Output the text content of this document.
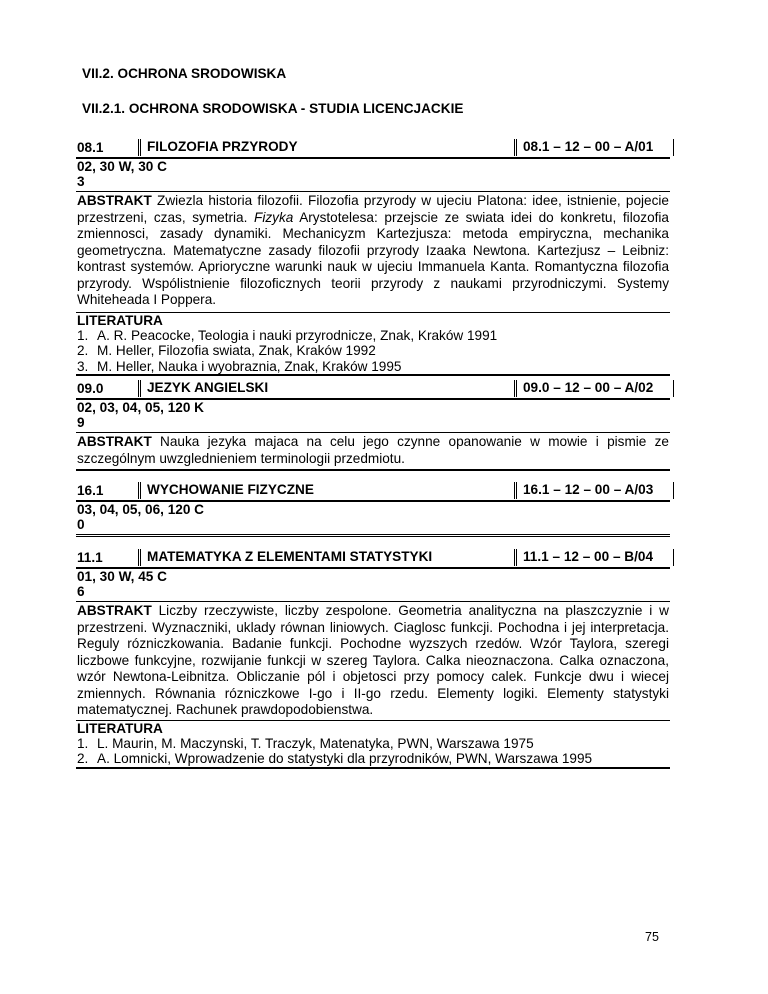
VII.2. OCHRONA SRODOWISKA
VII.2.1. OCHRONA SRODOWISKA - STUDIA LICENCJACKIE
08.1	FILOZOFIA PRZYRODY	08.1 – 12 – 00 – A/01
02, 30 W, 30 C
3
ABSTRAKT Zwiezla historia filozofii. Filozofia przyrody w ujeciu Platona: idee, istnienie, pojecie przestrzeni, czas, symetria. Fizyka Arystotelesa: przejscie ze swiata idei do konkretu, filozofia zmiennosci, zasady dynamiki. Mechanicyzm Kartezjusza: metoda empiryczna, mechanika geometryczna. Matematyczne zasady filozofii przyrody Izaaka Newtona. Kartezjusz – Leibniz: kontrast systemów. Aprioryczne warunki nauk w ujeciu Immanuela Kanta. Romantyczna filozofia przyrody. Wspólistnienie filozoficznych teorii przyrody z naukami przyrodniczymi. Systemy Whiteheada I Poppera.
LITERATURA
1. A. R. Peacocke, Teologia i nauki przyrodnicze, Znak, Kraków 1991
2. M. Heller, Filozofia swiata, Znak, Kraków 1992
3. M. Heller, Nauka i wyobraznia, Znak, Kraków 1995
09.0	JEZYK ANGIELSKI	09.0 – 12 – 00 – A/02
02, 03, 04, 05, 120 K
9
ABSTRAKT Nauka jezyka majaca na celu jego czynne opanowanie w mowie i pismie ze szczególnym uwzglednieniem terminologii przedmiotu.
16.1	WYCHOWANIE FIZYCZNE	16.1 – 12 – 00 – A/03
03, 04, 05, 06, 120 C
0
11.1	MATEMATYKA Z ELEMENTAMI STATYSTYKI	11.1 – 12 – 00 – B/04
01, 30 W, 45 C
6
ABSTRAKT Liczby rzeczywiste, liczby zespolone. Geometria analityczna na plaszczyznie i w przestrzeni. Wyznaczniki, uklady równan liniowych. Ciaglosc funkcji. Pochodna i jej interpretacja. Reguly rózniczkowania. Badanie funkcji. Pochodne wyzszych rzedów. Wzór Taylora, szeregi liczbowe funkcyjne, rozwijanie funkcji w szereg Taylora. Calka nieoznaczona. Calka oznaczona, wzór Newtona-Leibnitza. Obliczanie pól i objetosci przy pomocy calek. Funkcje dwu i wiecej zmiennych. Równania rózniczkowe I-go i II-go rzedu. Elementy logiki. Elementy statystyki matematycznej. Rachunek prawdopodobienstwa.
LITERATURA
1. L. Maurin, M. Maczynski, T. Traczyk, Matenatyka, PWN, Warszawa 1975
2. A. Lomnicki, Wprowadzenie do statystyki dla przyrodników, PWN, Warszawa 1995
75
